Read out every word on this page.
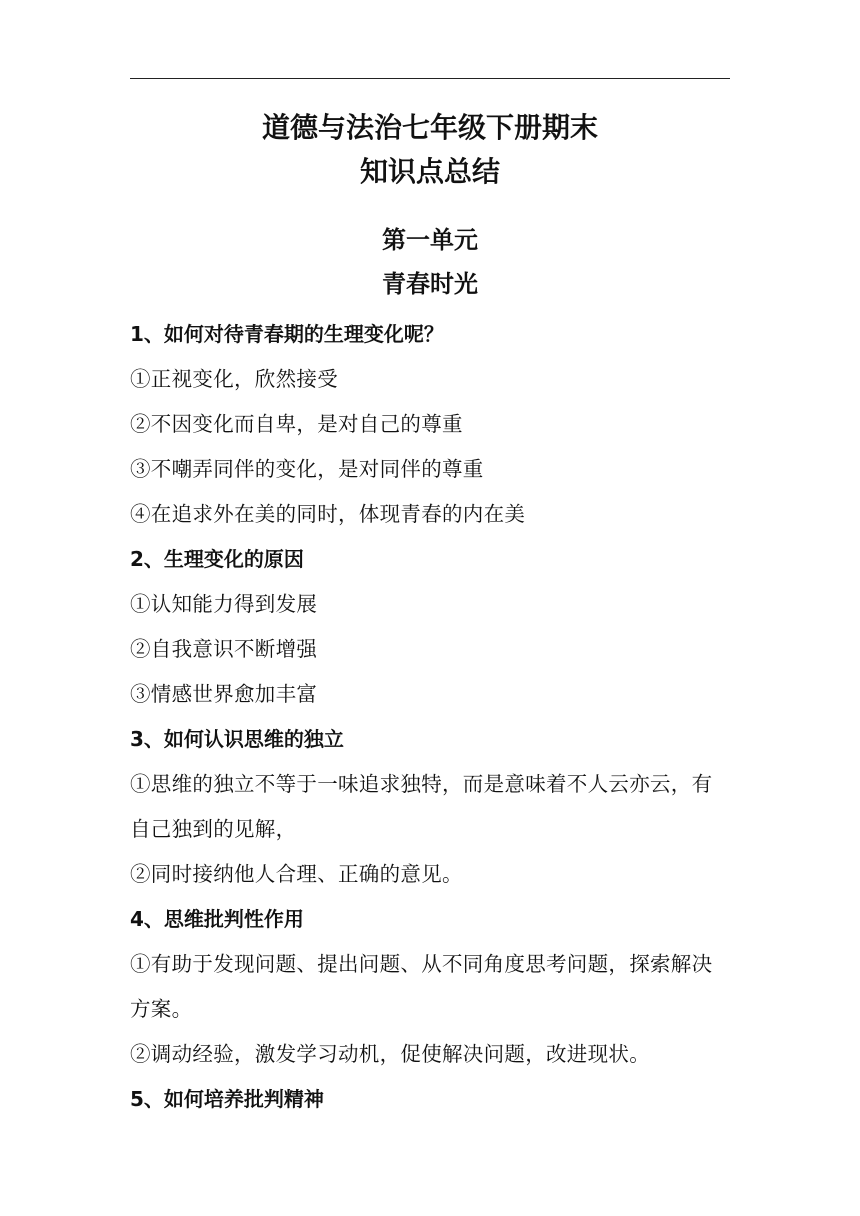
道德与法治七年级下册期末
知识点总结
第一单元
青春时光
1、如何对待青春期的生理变化呢？
①正视变化，欣然接受
②不因变化而自卑，是对自己的尊重
③不嘲弄同伴的变化，是对同伴的尊重
④在追求外在美的同时，体现青春的内在美
2、生理变化的原因
①认知能力得到发展
②自我意识不断增强
③情感世界愈加丰富
3、如何认识思维的独立
①思维的独立不等于一味追求独特，而是意味着不人云亦云，有自己独到的见解，
②同时接纳他人合理、正确的意见。
4、思维批判性作用
①有助于发现问题、提出问题、从不同角度思考问题，探索解决方案。
②调动经验，激发学习动机，促使解决问题，改进现状。
5、如何培养批判精神
